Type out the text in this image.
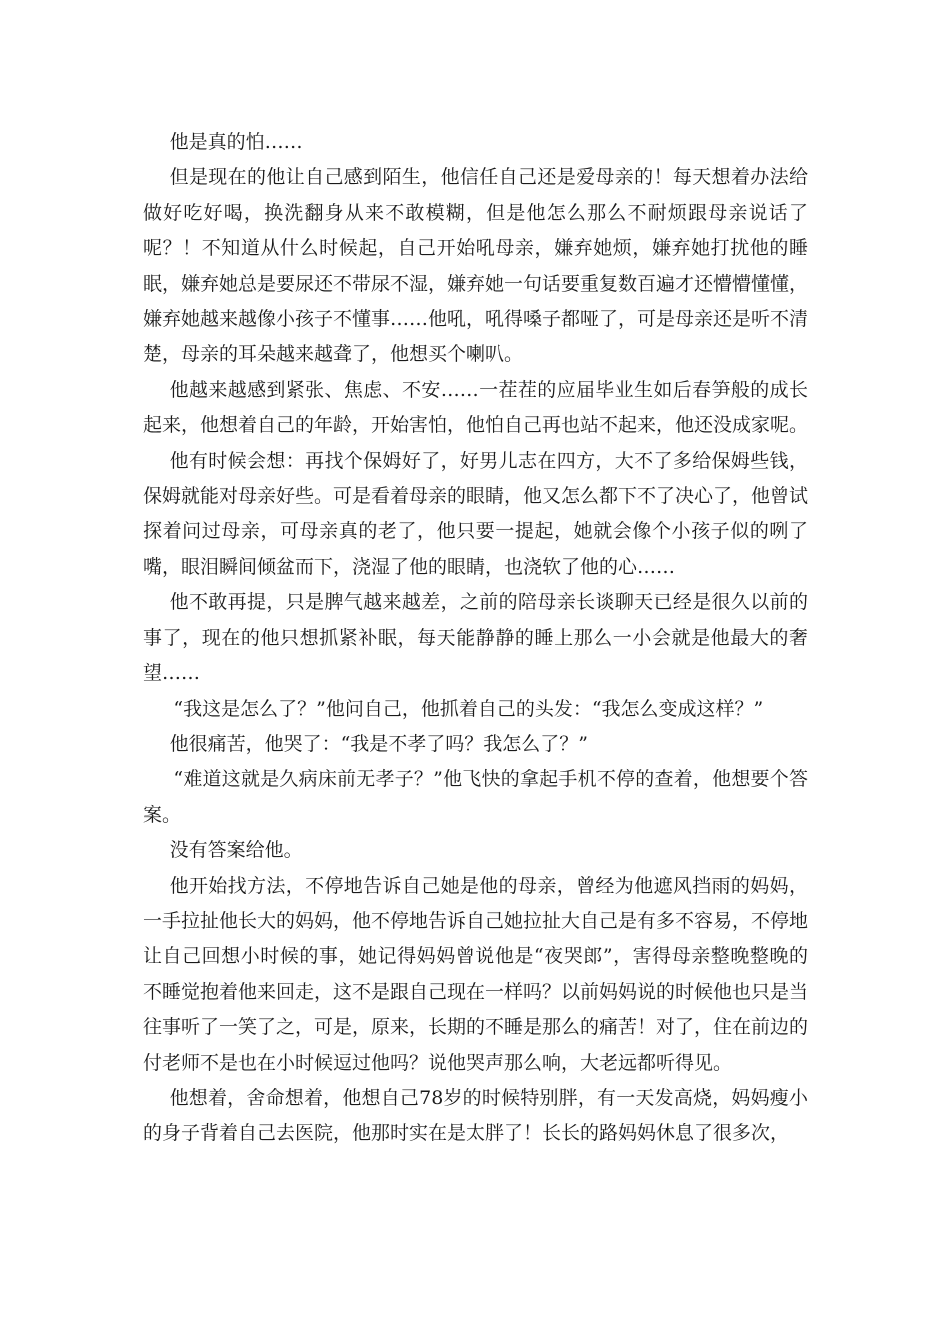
他是真的怕……

但是现在的他让自己感到陌生，他信任自己还是爱母亲的！每天想着办法给做好吃好喝，换洗翻身从来不敢模糊，但是他怎么那么不耐烦跟母亲说话了呢？！不知道从什么时候起，自己开始吼母亲，嫌弃她烦，嫌弃她打扰他的睡眠，嫌弃她总是要尿还不带尿不湿，嫌弃她一句话要重复数百遍才还懵懵懂懂，嫌弃她越来越像小孩子不懂事……他吼，吼得嗓子都哑了，可是母亲还是听不清楚，母亲的耳朵越来越聋了，他想买个喇叭。

他越来越感到紧张、焦虑、不安……一茬茬的应届毕业生如后春笋般的成长起来，他想着自己的年龄，开始害怕，他怕自己再也站不起来，他还没成家呢。

他有时候会想：再找个保姆好了，好男儿志在四方，大不了多给保姆些钱，保姆就能对母亲好些。可是看着母亲的眼睛，他又怎么都下不了决心了，他曾试探着问过母亲，可母亲真的老了，他只要一提起，她就会像个小孩子似的咧了嘴，眼泪瞬间倾盆而下，浇湿了他的眼睛，也浇软了他的心……

他不敢再提，只是脾气越来越差，之前的陪母亲长谈聊天已经是很久以前的事了，现在的他只想抓紧补眠，每天能静静的睡上那么一小会就是他最大的奢望……

“我这是怎么了？”他问自己，他抓着自己的头发：“我怎么变成这样？”

他很痛苦，他哭了：“我是不孝了吗？我怎么了？”

“难道这就是久病床前无孝子？”他飞快的拿起手机不停的查着，他想要个答案。

没有答案给他。

他开始找方法，不停地告诉自己她是他的母亲，曾经为他遮风挡雨的妈妈，一手拉扯他长大的妈妈，他不停地告诉自己她拉扯大自己是有多不容易，不停地让自己回想小时候的事，她记得妈妈曾说他是“夜哭郎”，害得母亲整晚整晚的不睡觉抱着他来回走，这不是跟自己现在一样吗？以前妈妈说的时候他也只是当往事听了一笑了之，可是，原来，长期的不睡是那么的痛苦！对了，住在前边的付老师不是也在小时候逗过他吗？说他哭声那么响，大老远都听得见。

他想着，舍命想着，他想自己78岁的时候特别胖，有一天发高烧，妈妈瘦小的身子背着自己去医院，他那时实在是太胖了！长长的路妈妈休息了很多次，
